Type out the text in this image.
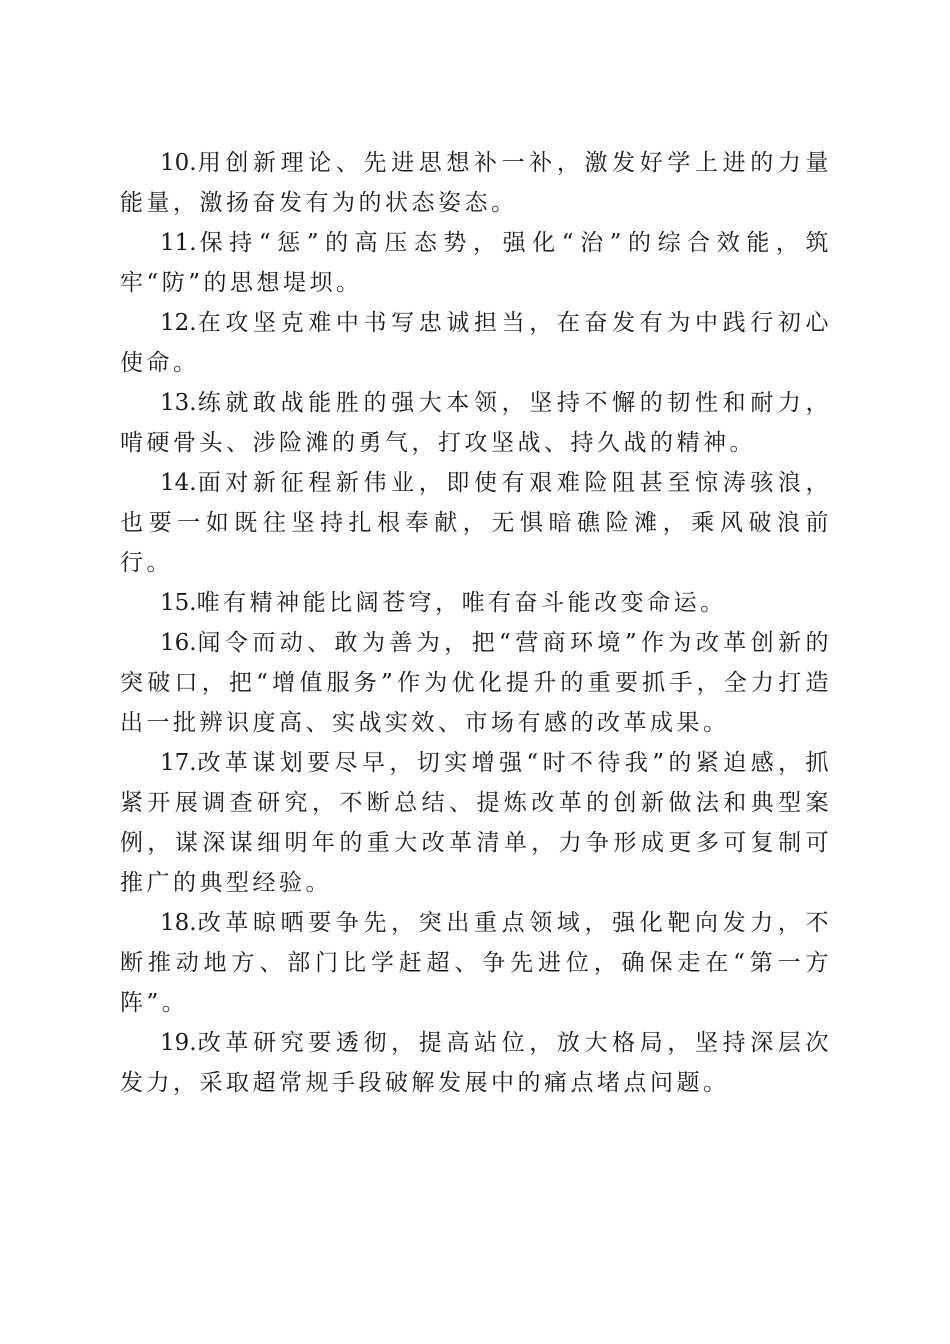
10.用创新理论、先进思想补一补，激发好学上进的力量能量，激扬奋发有为的状态姿态。

11.保持“惩”的高压态势，强化“治”的综合效能，筑牢“防”的思想堤坝。

12.在攻坚克难中书写忠诚担当，在奋发有为中践行初心使命。

13.练就敢战能胜的强大本领，坚持不懈的韧性和耐力，啃硬骨头、涉险滩的勇气，打攻坚战、持久战的精神。

14.面对新征程新伟业，即使有艰难险阻甚至惊涛骇浪，也要一如既往坚持扎根奉献，无惧暗礁险滩，乘风破浪前行。

15.唯有精神能比阔苍穹，唯有奋斗能改变命运。

16.闻令而动、敢为善为，把“营商环境”作为改革创新的突破口，把“增值服务”作为优化提升的重要抓手，全力打造出一批辨识度高、实战实效、市场有感的改革成果。

17.改革谋划要尽早，切实增强“时不待我”的紧迫感，抓紧开展调查研究，不断总结、提炼改革的创新做法和典型案例，谋深谋细明年的重大改革清单，力争形成更多可复制可推广的典型经验。

18.改革晾晒要争先，突出重点领域，强化靶向发力，不断推动地方、部门比学赶超、争先进位，确保走在“第一方阵”。

19.改革研究要透彻，提高站位，放大格局，坚持深层次发力，采取超常规手段破解发展中的痛点堵点问题。
